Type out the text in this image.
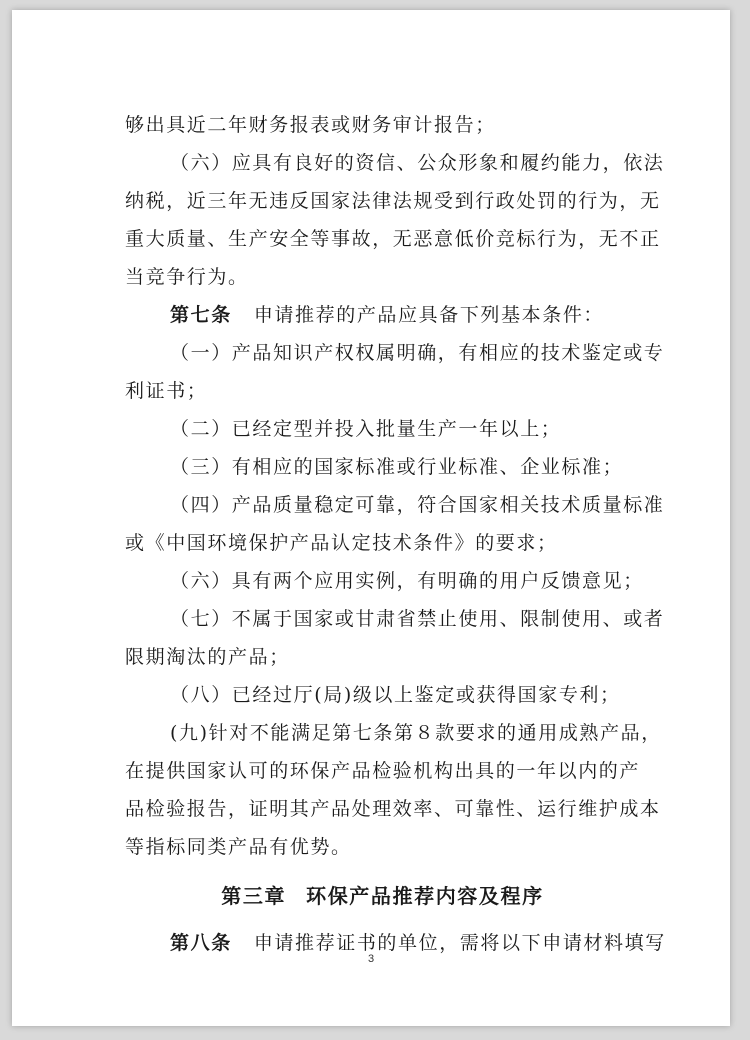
够出具近二年财务报表或财务审计报告；
（六）应具有良好的资信、公众形象和履约能力，依法
纳税，近三年无违反国家法律法规受到行政处罚的行为，无
重大质量、生产安全等事故，无恶意低价竞标行为，无不正
当竞争行为。
第七条 申请推荐的产品应具备下列基本条件：
（一）产品知识产权权属明确，有相应的技术鉴定或专
利证书；
（二）已经定型并投入批量生产一年以上；
（三）有相应的国家标准或行业标准、企业标准；
（四）产品质量稳定可靠，符合国家相关技术质量标准
或《中国环境保护产品认定技术条件》的要求；
（六）具有两个应用实例，有明确的用户反馈意见；
（七）不属于国家或甘肃省禁止使用、限制使用、或者
限期淘汰的产品；
（八）已经过厅(局)级以上鉴定或获得国家专利；
(九)针对不能满足第七条第８款要求的通用成熟产品，
在提供国家认可的环保产品检验机构出具的一年以内的产
品检验报告，证明其产品处理效率、可靠性、运行维护成本
等指标同类产品有优势。
第三章 环保产品推荐内容及程序
第八条 申请推荐证书的单位，需将以下申请材料填写
3
